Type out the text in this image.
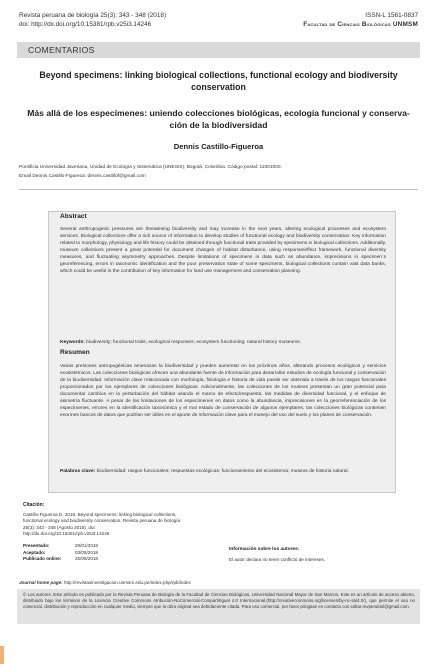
Revista peruana de biología 25(3): 343 - 348 (2018)
doi: http://dx.doi.org/10.15381/rpb.v25i3.14246
ISSN-L 1561-0837
Facultad de Ciencias Biológicas UNMSM
COMENTARIOS
Beyond specimens: linking biological collections, functional ecology and biodiversity conservation
Más allá de los especímenes: uniendo colecciones biológicas, ecología funcional y conserva-
ción de la biodiversidad
Dennis Castillo-Figueroa
Pontificia Universidad Javeriana, Unidad de Ecología y Sistemática (UNESIS), Bogotá, Colombia. Código postal: 11001000.
Email Dennis Castillo-Figueroa: dennis.castillof@gmail.com
Abstract
Several anthropogenic pressures are threatening biodiversity and may increase in the next years, altering ecological processes and ecosystem services. Biological collections offer a rich source of information to develop studies of functional ecology and biodiversity conservation. Key information related to morphology, physiology and life history could be obtained through functional traits provided by specimens in biological collections. Additionally, museum collections present a great potential for document changes of habitat disturbance, using response/effect framework, functional diversity measures, and fluctuating asymmetry approaches. Despite limitations of specimens in data such as abundance, imprecisions in specimen´s georeferencing, errors in taxonomic identification and the poor preservation state of some specimens, biological collections contain vast data banks, which could be useful in the contribution of key information for land use management and conservation planning.
Keywords: biodiversity; functional traits; ecological responses; ecosystem functioning; natural history museums.
Resumen
Varias presiones antropogénicas amenazan la biodiversidad y pueden aumentar en los próximos años, alterando procesos ecológicos y servicios ecosistémicos. Las colecciones biológicas ofrecen una abundante fuente de información para desarrollar estudios de ecología funcional y conservación de la biodiversidad. Información clave relacionada con morfología, fisiología e historia de vida puede ser obtenida a través de los rasgos funcionales proporcionados por los ejemplares de colecciones biológicas. Adicionalmente, las colecciones de los museos presentan un gran potencial para documentar cambios en la perturbación del hábitat usando el marco de efecto/respuesta, las medidas de diversidad funcional, y el enfoque de asimetría fluctuante. A pesar de las limitaciones de los especímenes en datos como la abundancia, imprecisiones en la georreferenciación de los especímenes, errores en la identificación taxonómica y el mal estado de conservación de algunos ejemplares, las colecciones biológicas contienen enormes bancos de datos que podrían ser útiles en el aporte de información clave para el manejo del uso del suelo y los planes de conservación.
Palabras clave: biodiversidad; rasgos funcionales; respuestas ecológicas; funcionamiento del ecosistema; museos de historia natural.
Citación:
Castillo-Figueroa D. 2018. Beyond specimens: linking biological collections, functional ecology and biodiversity conservation. Revista peruana de biología 25(3): 343 - 348 (Agosto 2018). doi: http://dx.doi.org/10.15381/rpb.v25i3.14246
Presentado:	29/01/2018
Aceptado:	03/05/2018
Publicado online:	25/08/2018
Información sobre los autores:
El autor declara no tener conflicto de intereses.
Journal home page: http://revistasinvestigacion.unmsm.edu.pe/index.php/rpb/index
© Los autores. Este artículo es publicado por la Revista Peruana de Biología de la Facultad de Ciencias Biológicas, Universidad Nacional Mayor de San Marcos. Este es un artículo de acceso abierto, distribuido bajo los términos de la Licencia Creative Commons Atribución-NoComercial-CompartirIgual 4.0 Internacional.(http://creativecommons.org/licenses/by-nc-sa/4.0/), que permite el uso no comercial, distribución y reproducción en cualquier medio, siempre que la obra original sea debidamente citada. Para uso comercial, por favor póngase en contacto con editor.revperubiol@gmail.com.
